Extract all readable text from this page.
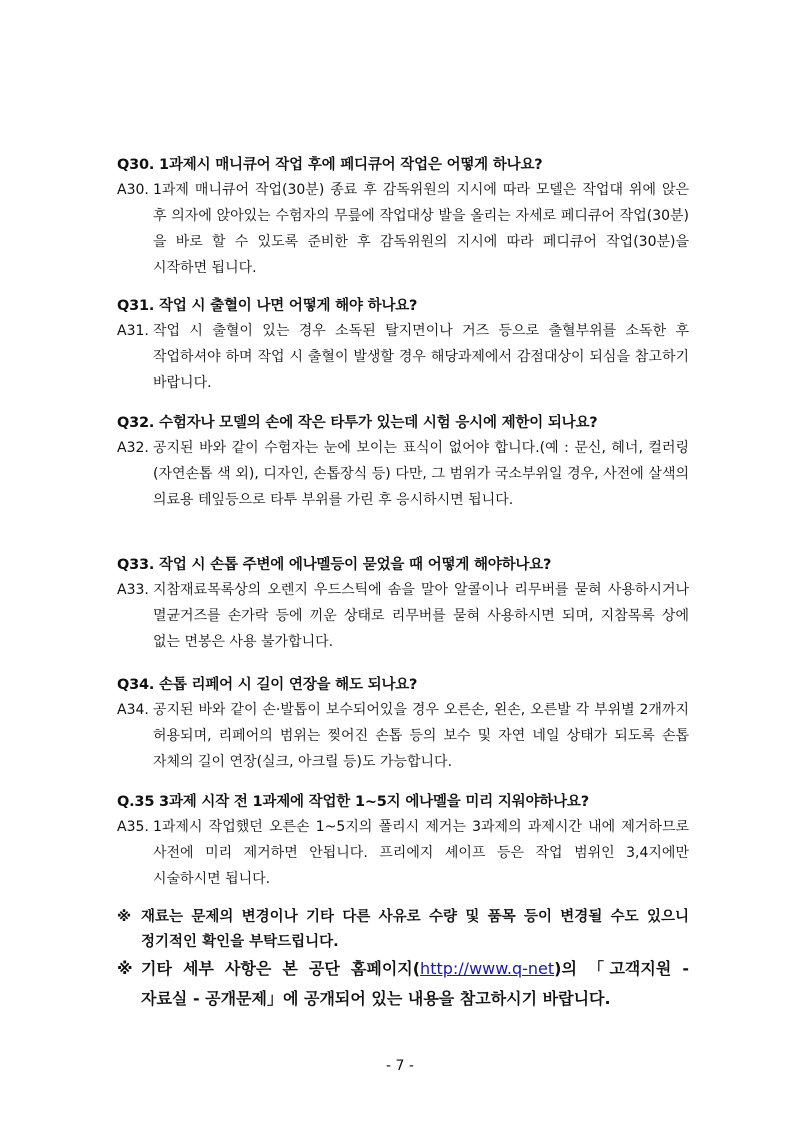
Q30. 1과제시 매니큐어 작업 후에 페디큐어 작업은 어떻게 하나요?
A30. 1과제 매니큐어 작업(30분) 종료 후 감독위원의 지시에 따라 모델은 작업대 위에 앉은 후 의자에 앉아있는 수험자의 무릎에 작업대상 발을 올리는 자세로 페디큐어 작업(30분)을 바로 할 수 있도록 준비한 후 감독위원의 지시에 따라 페디큐어 작업(30분)을 시작하면 됩니다.
Q31. 작업 시 출혈이 나면 어떻게 해야 하나요?
A31. 작업 시 출혈이 있는 경우 소독된 탈지면이나 거즈 등으로 출혈부위를 소독한 후 작업하셔야 하며 작업 시 출혈이 발생할 경우 해당과제에서 감점대상이 되심을 참고하기 바랍니다.
Q32. 수험자나 모델의 손에 작은 타투가 있는데 시험 응시에 제한이 되나요?
A32. 공지된 바와 같이 수험자는 눈에 보이는 표식이 없어야 합니다.(예 : 문신, 헤너, 컬러링(자연손톱 색 외), 디자인, 손톱장식 등) 다만, 그 범위가 국소부위일 경우, 사전에 살색의 의료용 테잎등으로 타투 부위를 가린 후 응시하시면 됩니다.
Q33. 작업 시 손톱 주변에 에나멜등이 묻었을 때 어떻게 해야하나요?
A33. 지참재료목록상의 오렌지 우드스틱에 솜을 말아 알콜이나 리무버를 묻혀 사용하시거나 멸균거즈를 손가락 등에 끼운 상태로 리무버를 묻혀 사용하시면 되며, 지참목록 상에 없는 면봉은 사용 불가합니다.
Q34. 손톱 리페어 시 길이 연장을 해도 되나요?
A34. 공지된 바와 같이 손·발톱이 보수되어있을 경우 오른손, 왼손, 오른발 각 부위별 2개까지 허용되며, 리페어의 범위는 찢어진 손톱 등의 보수 및 자연 네일 상태가 되도록 손톱 자체의 길이 연장(실크, 아크릴 등)도 가능합니다.
Q.35 3과제 시작 전 1과제에 작업한 1~5지 에나멜을 미리 지워야하나요?
A35. 1과제시 작업했던 오른손 1~5지의 폴리시 제거는 3과제의 과제시간 내에 제거하므로 사전에 미리 제거하면 안됩니다. 프리에지 셰이프 등은 작업 범위인 3,4지에만 시술하시면 됩니다.
※ 재료는 문제의 변경이나 기타 다른 사유로 수량 및 품목 등이 변경될 수도 있으니 정기적인 확인을 부탁드립니다.
※ 기타 세부 사항은 본 공단 홈페이지(http://www.q-net)의 「고객지원 - 자료실 - 공개문제」에 공개되어 있는 내용을 참고하시기 바랍니다.
- 7 -
